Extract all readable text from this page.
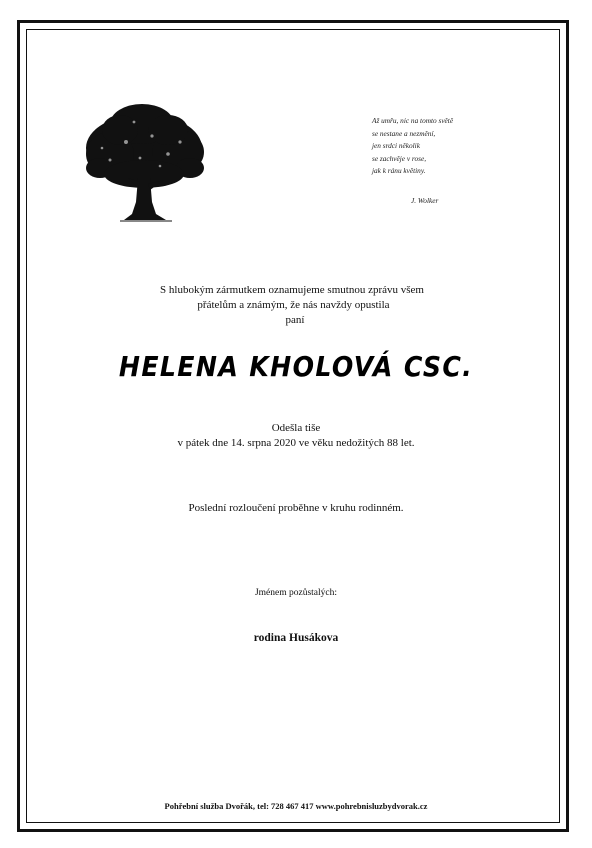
Až umřu, nic na tomto světě
se nestane a nezmění,
jen srdci několik
se zachvěje v rose,
jak k ránu květiny.
J. Wolker
S hlubokým zármutkem oznamujeme smutnou zprávu všem
přátelům a známým, že nás navždy opustila
paní
HELENA KHOLOVÁ CSC.
Odešla tiše
v pátek dne 14. srpna 2020 ve věku nedožitých 88 let.
Poslední rozloučení proběhne v kruhu rodinném.
Jménem pozůstalých:
rodina Husákova
Pohřební služba Dvořák, tel: 728 467 417 www.pohrebnisluzbydvorak.cz
